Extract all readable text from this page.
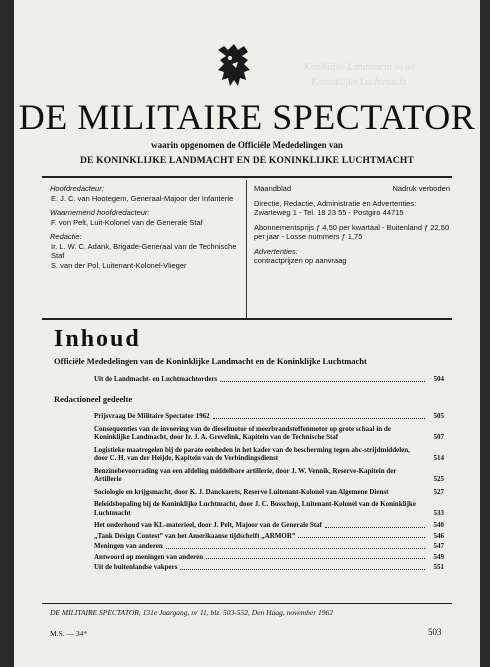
Konikiijke Landmacht in de
Koninklijke Luchtmacht
DE MILITAIRE SPECTATOR
waarin opgenomen de Officiële Mededelingen van
DE KONINKLIJKE LANDMACHT EN DE KONINKLIJKE LUCHTMACHT
Hoofdredacteur:
E. J. C. van Hootegem, Generaal-Majoor der Infanterie
Waarnemend hoofdredacteur:
F. von Pelt, Luit-Kolonel van de Generale Staf
Redactie:
Ir. L. W. C. Adank, Brigade-Generaal van de Technische Staf
S. van der Pol, Luitenant-Kolonel-Vlieger
Maandblad	Nadruk verboden
Directie, Redactie, Administratie en Advertenties:
Zwarteweg 1 - Tel. 18 23 55 - Postgiro 44715
Abonnementsprijs ƒ 4,50 per kwartaal - Buitenland ƒ 22,50 per jaar - Losse nummers ƒ 1,75
Advertenties:
contractprijzen op aanvraag
Inhoud
Officiële Mededelingen van de Koninklijke Landmacht en de Koninklijke Luchtmacht
Uit de Landmacht- en Luchtmachtorders	504
Redactioneel gedeelte
Prijsvraag De Militaire Spectator 1962	505
Consequenties van de invoering van de dieselmotor of meerbrandstoffenmotor op grote schaal in de Koninklijke Landmacht, door Ir. J. A. Grevelink, Kapitein van de Technische Staf	507
Logistieke maatregelen bij de parate eenheden in het kader van de bescherming tegen abc-strijdmiddelen, door C. H. van der Heijde, Kapitein van de Verbindingsdienst	514
Benzinebevoorrading van een afdeling middelbare artillerie, door J. W. Vennik, Reserve-Kapitein der Artillerie	525
Sociologie en krijgsmacht, door K. J. Danckaerts, Reserve Luitenant-Kolonel van Algemene Dienst	527
Beleidsbepaling bij de Koninklijke Luchtmacht, door J. C. Bosschop, Luitenant-Kolonel van de Koninklijke Luchtmacht	533
Het onderhoud van KL-materieel, door J. Pelt, Majoor van de Generale Staf	540
„Tank Design Contest” van het Amerikaanse tijdschrift „ARMOR”	546
Meningen van anderen	547
Antwoord op meningen van anderen	549
Uit de buitenlandse vakpers	551
DE MILITAIRE SPECTATOR, 131e Jaargang, nr 11, blz. 503-552, Den Haag, november 1962
M.S. — 34*	503
